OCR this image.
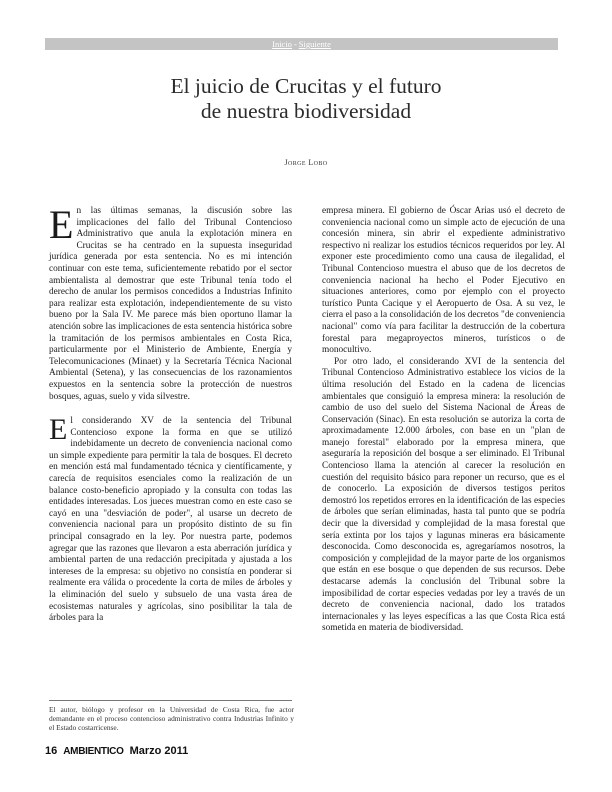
Inicio - Siguiente
El juicio de Crucitas y el futuro
de nuestra biodiversidad
Jorge Lobo

En las últimas semanas, la discusión sobre las implicaciones del fallo del Tribunal Contencioso Administrativo que anula la explotación minera en Crucitas se ha centrado en la supuesta inseguridad jurídica generada por esta sentencia. No es mi intención continuar con este tema, suficientemente rebatido por el sector ambientalista al demostrar que este Tribunal tenía todo el derecho de anular los permisos concedidos a Industrias Infinito para realizar esta explotación, independientemente de su visto bueno por la Sala IV. Me parece más bien oportuno llamar la atención sobre las implicaciones de esta sentencia histórica sobre la tramitación de los permisos ambientales en Costa Rica, particularmente por el Ministerio de Ambiente, Energía y Telecomunicaciones (Minaet) y la Secretaría Técnica Nacional Ambiental (Setena), y las consecuencias de los razonamientos expuestos en la sentencia sobre la protección de nuestros bosques, aguas, suelo y vida silvestre.

El considerando XV de la sentencia del Tribunal Contencioso expone la forma en que se utilizó indebidamente un decreto de conveniencia nacional como un simple expediente para permitir la tala de bosques. El decreto en mención está mal fundamentado técnica y científicamente, y carecía de requisitos esenciales como la realización de un balance costo-beneficio apropiado y la consulta con todas las entidades interesadas. Los jueces muestran como en este caso se cayó en una "desviación de poder", al usarse un decreto de conveniencia nacional para un propósito distinto de su fin principal consagrado en la ley. Por nuestra parte, podemos agregar que las razones que llevaron a esta aberración jurídica y ambiental parten de una redacción precipitada y ajustada a los intereses de la empresa: su objetivo no consistía en ponderar si realmente era válida o procedente la corta de miles de árboles y la eliminación del suelo y subsuelo de una vasta área de ecosistemas naturales y agrícolas, sino posibilitar la tala de árboles para la

empresa minera. El gobierno de Óscar Arias usó el decreto de conveniencia nacional como un simple acto de ejecución de una concesión minera, sin abrir el expediente administrativo respectivo ni realizar los estudios técnicos requeridos por ley. Al exponer este procedimiento como una causa de ilegalidad, el Tribunal Contencioso muestra el abuso que de los decretos de conveniencia nacional ha hecho el Poder Ejecutivo en situaciones anteriores, como por ejemplo con el proyecto turístico Punta Cacique y el Aeropuerto de Osa. A su vez, le cierra el paso a la consolidación de los decretos "de conveniencia nacional" como vía para facilitar la destrucción de la cobertura forestal para megaproyectos mineros, turísticos o de monocultivo.

Por otro lado, el considerando XVI de la sentencia del Tribunal Contencioso Administrativo establece los vicios de la última resolución del Estado en la cadena de licencias ambientales que consiguió la empresa minera: la resolución de cambio de uso del suelo del Sistema Nacional de Áreas de Conservación (Sinac). En esta resolución se autoriza la corta de aproximadamente 12.000 árboles, con base en un "plan de manejo forestal" elaborado por la empresa minera, que aseguraría la reposición del bosque a ser eliminado. El Tribunal Contencioso llama la atención al carecer la resolución en cuestión del requisito básico para reponer un recurso, que es el de conocerlo. La exposición de diversos testigos peritos demostró los repetidos errores en la identificación de las especies de árboles que serían eliminadas, hasta tal punto que se podría decir que la diversidad y complejidad de la masa forestal que sería extinta por los tajos y lagunas mineras era básicamente desconocida. Como desconocida es, agregaríamos nosotros, la composición y complejidad de la mayor parte de los organismos que están en ese bosque o que dependen de sus recursos. Debe destacarse además la conclusión del Tribunal sobre la imposibilidad de cortar especies vedadas por ley a través de un decreto de conveniencia nacional, dado los tratados internacionales y las leyes específicas a las que Costa Rica está sometida en materia de biodiversidad.

El autor, biólogo y profesor en la Universidad de Costa Rica, fue actor demandante en el proceso contencioso administrativo contra Industrias Infinito y el Estado costarricense.
16 AMBIENTICO Marzo 2011
